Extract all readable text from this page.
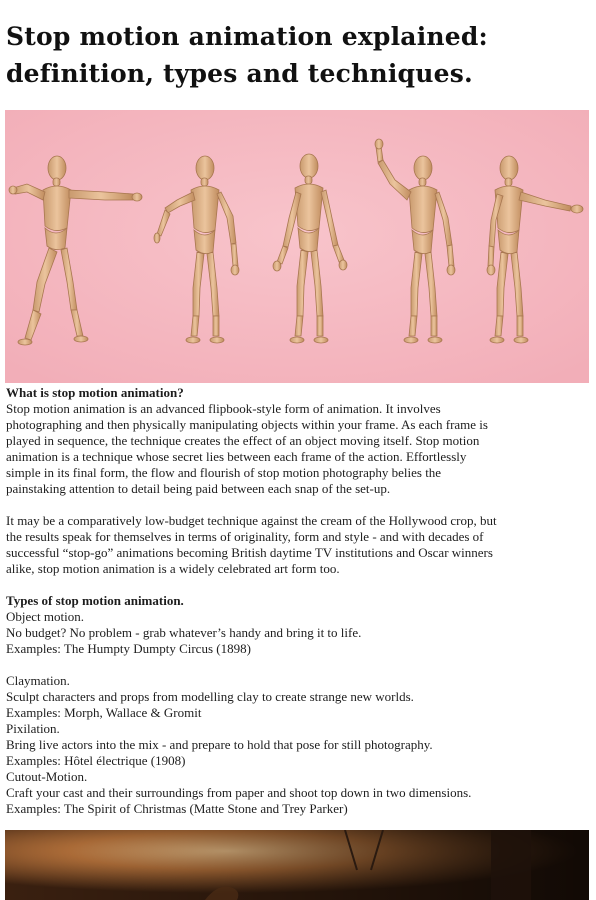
Stop motion animation explained:
definition, types and techniques.

What is stop motion animation?

Stop motion animation is an advanced flipbook-style form of animation. It involves

photographing and then physically manipulating objects within your frame. As each frame is

played in sequence, the technique creates the effect of an object moving itself. Stop motion

animation is a technique whose secret lies between each frame of the action. Effortlessly

simple in its final form, the flow and flourish of stop motion photography belies the

painstaking attention to detail being paid between each snap of the set-up.

It may be a comparatively low-budget technique against the cream of the Hollywood crop, but

the results speak for themselves in terms of originality, form and style - and with decades of

successful “stop-go” animations becoming British daytime TV institutions and Oscar winners

alike, stop motion animation is a widely celebrated art form too.

Types of stop motion animation.

Object motion.

No budget? No problem - grab whatever’s handy and bring it to life.

Examples: The Humpty Dumpty Circus (1898)

Claymation.

Sculpt characters and props from modelling clay to create strange new worlds.

Examples: Morph, Wallace & Gromit

Pixilation.

Bring live actors into the mix - and prepare to hold that pose for still photography.

Examples: Hôtel électrique (1908)

Cutout-Motion.

Craft your cast and their surroundings from paper and shoot top down in two dimensions.

Examples: The Spirit of Christmas (Matte Stone and Trey Parker)
